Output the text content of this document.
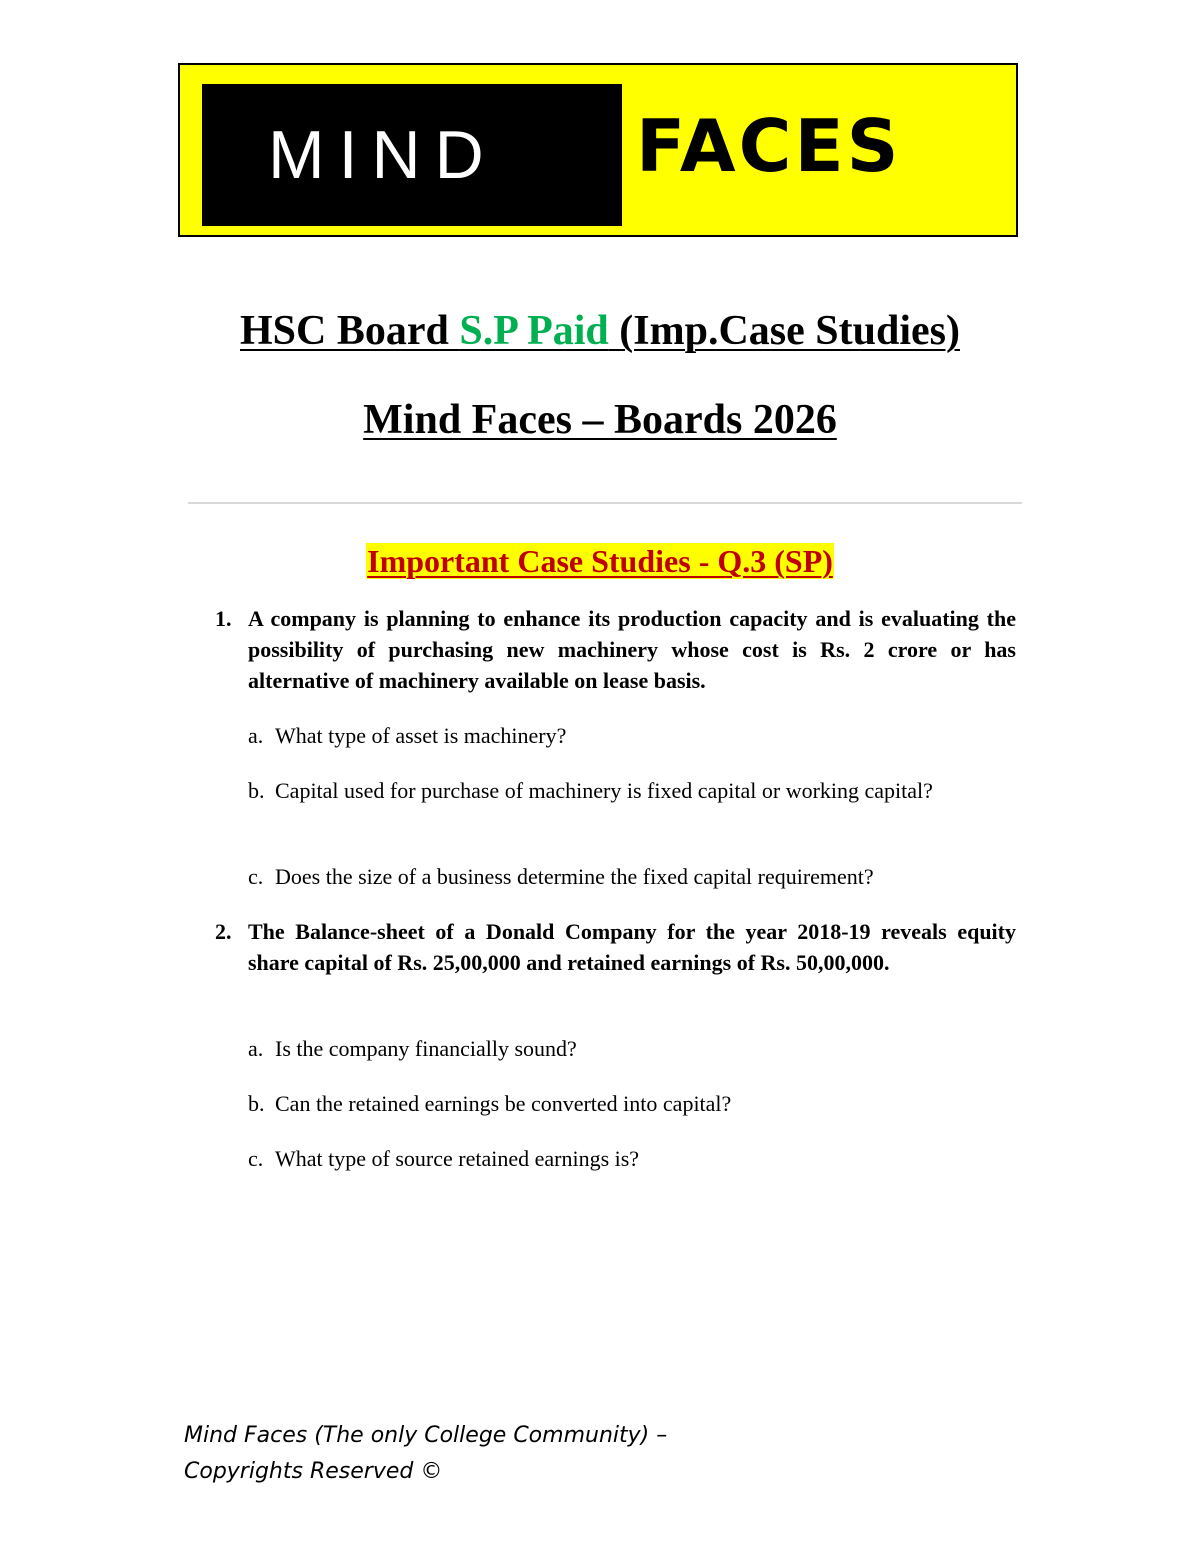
MIND FACES
HSC Board S.P Paid (Imp.Case Studies)
Mind Faces – Boards 2026
Important Case Studies - Q.3 (SP)
1. A company is planning to enhance its production capacity and is evaluating the possibility of purchasing new machinery whose cost is Rs. 2 crore or has alternative of machinery available on lease basis.
a. What type of asset is machinery?
b. Capital used for purchase of machinery is fixed capital or working capital?
c. Does the size of a business determine the fixed capital requirement?
2. The Balance-sheet of a Donald Company for the year 2018-19 reveals equity share capital of Rs. 25,00,000 and retained earnings of Rs. 50,00,000.
a. Is the company financially sound?
b. Can the retained earnings be converted into capital?
c. What type of source retained earnings is?
Mind Faces (The only College Community) –
Copyrights Reserved ©
